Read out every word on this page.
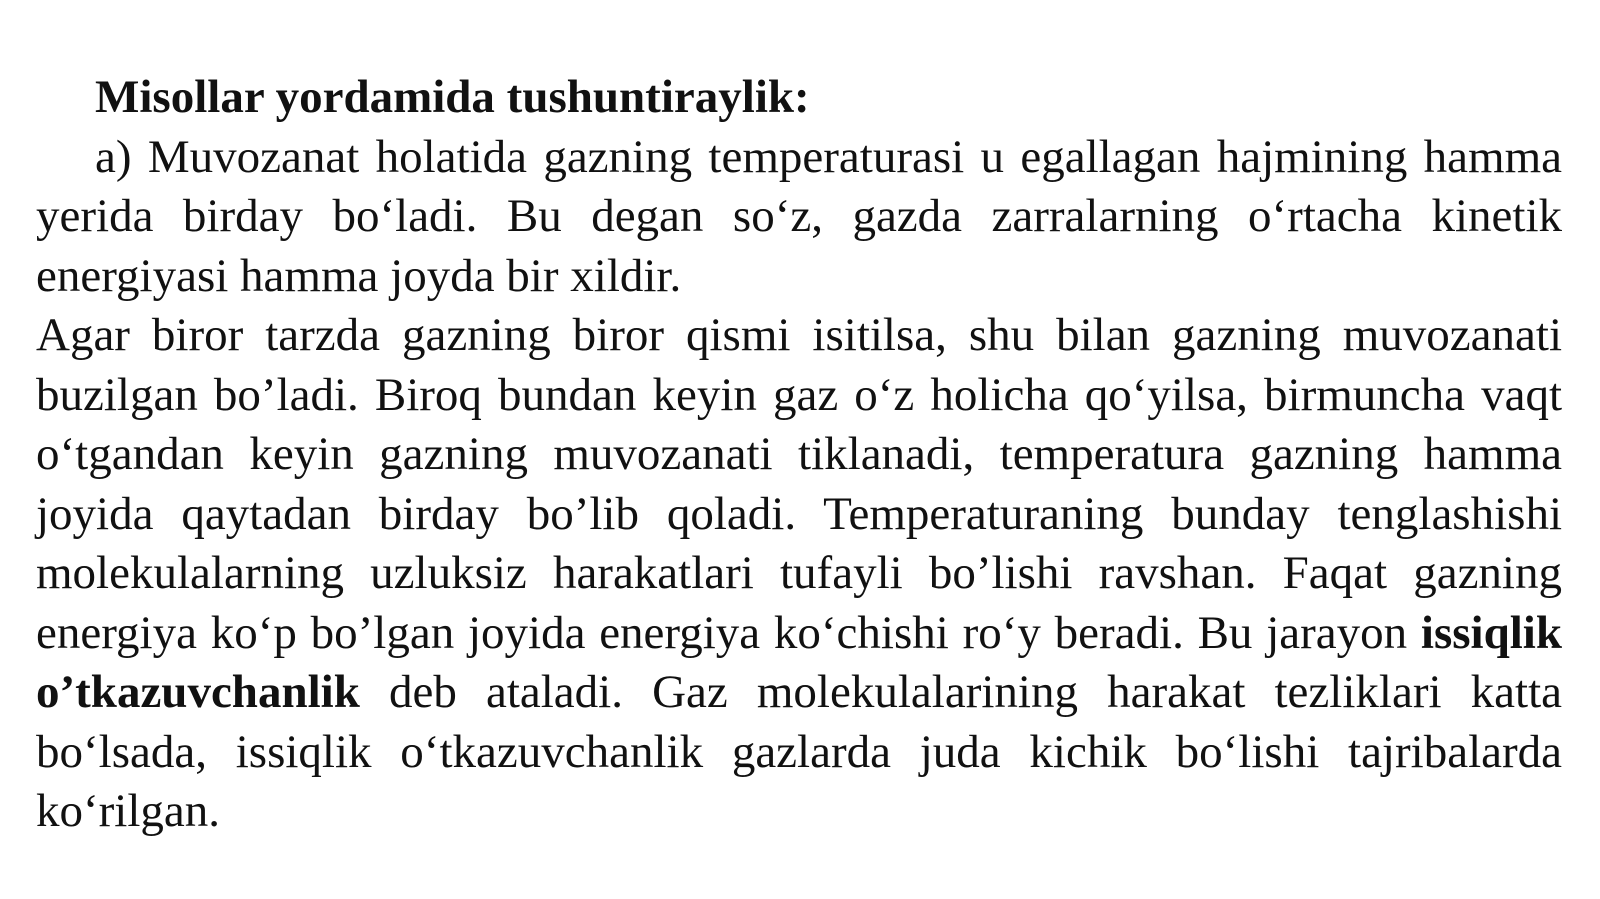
Misollar yordamida tushuntiraylik:

a) Muvozanat holatida gazning temperaturasi u egallagan hajmining hamma yerida birday bo‘ladi. Bu degan so‘z, gazda zarralarning o‘rtacha kinetik energiyasi hamma joyda bir xildir.

Agar biror tarzda gazning biror qismi isitilsa, shu bilan gazning muvozanati buzilgan bo’ladi. Biroq bundan keyin gaz o‘z holicha qo‘yilsa, birmuncha vaqt o‘tgandan keyin gazning muvozanati tiklanadi, temperatura gazning hamma joyida qaytadan birday bo’lib qoladi. Temperaturaning bunday tenglashishi molekulalarning uzluksiz harakatlari tufayli bo’lishi ravshan. Faqat gazning energiya ko‘p bo’lgan joyida energiya ko‘chishi ro‘y beradi. Bu jarayon issiqlik o’tkazuvchanlik deb ataladi. Gaz molekulalarining harakat tezliklari katta bo‘lsada, issiqlik o‘tkazuvchanlik gazlarda juda kichik bo‘lishi tajribalarda ko‘rilgan.
